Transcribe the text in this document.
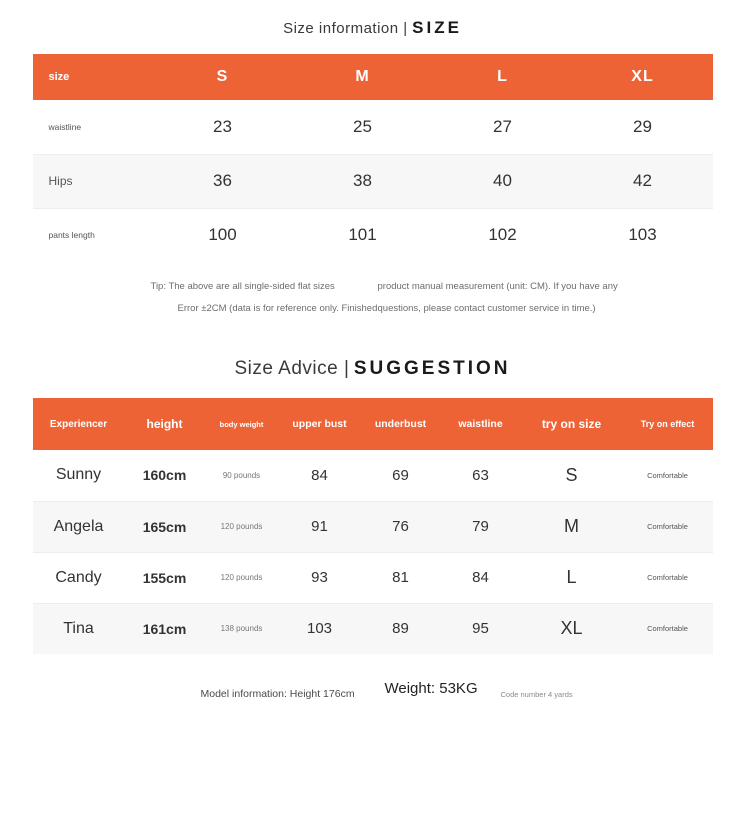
Size information | SIZE
size	S	M	L	XL
waistline	23	25	27	29
Hips	36	38	40	42
pants length	100	101	102	103
Tip: The above are all single-sided flat sizes	product manual measurement (unit: CM). If you have any
Error ±2CM (data is for reference only. Finished questions, please contact customer service in time.)
Size Advice | SUGGESTION
Experiencer	height	body weight	upper bust	underbust	waistline	try on size	Try on effect
Sunny	160cm	90 pounds	84	69	63	S	Comfortable
Angela	165cm	120 pounds	91	76	79	M	Comfortable
Candy	155cm	120 pounds	93	81	84	L	Comfortable
Tina	161cm	138 pounds	103	89	95	XL	Comfortable
Model information: Height 176cm Weight: 53KG	Code number 4 yards
